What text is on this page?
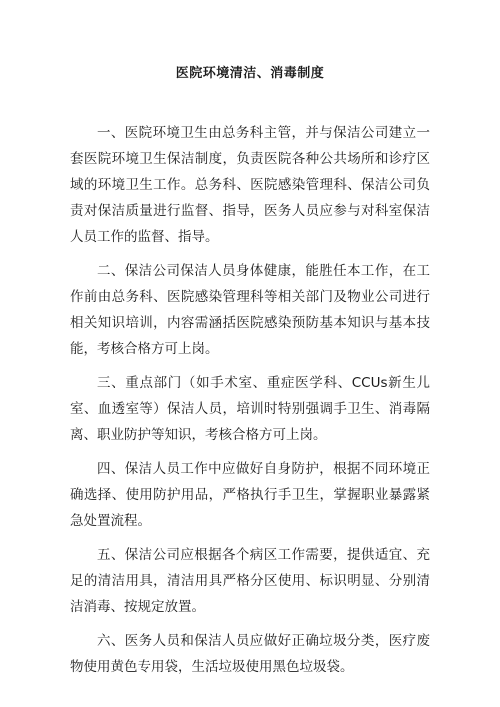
医院环境清洁、消毒制度

一、医院环境卫生由总务科主管，并与保洁公司建立一套医院环境卫生保洁制度，负责医院各种公共场所和诊疗区域的环境卫生工作。总务科、医院感染管理科、保洁公司负责对保洁质量进行监督、指导，医务人员应参与对科室保洁人员工作的监督、指导。

二、保洁公司保洁人员身体健康，能胜任本工作，在工作前由总务科、医院感染管理科等相关部门及物业公司进行相关知识培训，内容需涵括医院感染预防基本知识与基本技能，考核合格方可上岗。

三、重点部门（如手术室、重症医学科、CCUs新生儿室、血透室等）保洁人员，培训时特别强调手卫生、消毒隔离、职业防护等知识，考核合格方可上岗。

四、保洁人员工作中应做好自身防护，根据不同环境正确选择、使用防护用品，严格执行手卫生，掌握职业暴露紧急处置流程。

五、保洁公司应根据各个病区工作需要，提供适宜、充足的清洁用具，清洁用具严格分区使用、标识明显、分别清洁消毒、按规定放置。

六、医务人员和保洁人员应做好正确垃圾分类，医疗废物使用黄色专用袋，生活垃圾使用黑色垃圾袋。
